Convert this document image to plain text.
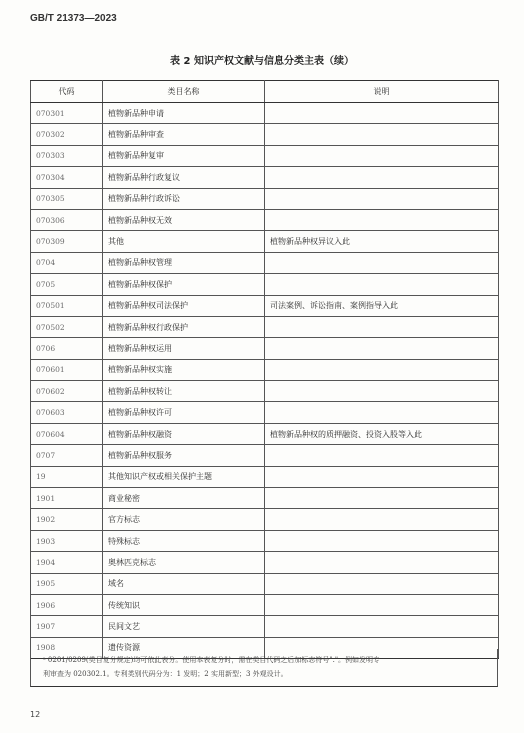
GB/T 21373—2023
表 2 知识产权文献与信息分类主表（续）
代码	类目名称	说明
070301	植物新品种申请	
070302	植物新品种审查	
070303	植物新品种复审	
070304	植物新品种行政复议	
070305	植物新品种行政诉讼	
070306	植物新品种权无效	
070309	其他	植物新品种权异议入此
0704	植物新品种权管理	
0705	植物新品种权保护	
070501	植物新品种权司法保护	司法案例、诉讼指南、案例指导入此
070502	植物新品种权行政保护	
0706	植物新品种权运用	
070601	植物新品种权实施	
070602	植物新品种权转让	
070603	植物新品种权许可	
070604	植物新品种权融资	植物新品种权的质押融资、投资入股等入此
0707	植物新品种权服务	
19	其他知识产权或相关保护主题	
1901	商业秘密	
1902	官方标志	
1903	特殊标志	
1904	奥林匹克标志	
1905	域名	
1906	传统知识	
1907	民间文艺	
1908	遗传资源	

ᵃ 0201/0209(类目复分规定)均可依此表分。使用本表复分时，需在类目代码之后加标志符号"."。例如发明专

利审查为 020302.1。专利类别代码分为：1 发明；2 实用新型；3 外观设计。

12
